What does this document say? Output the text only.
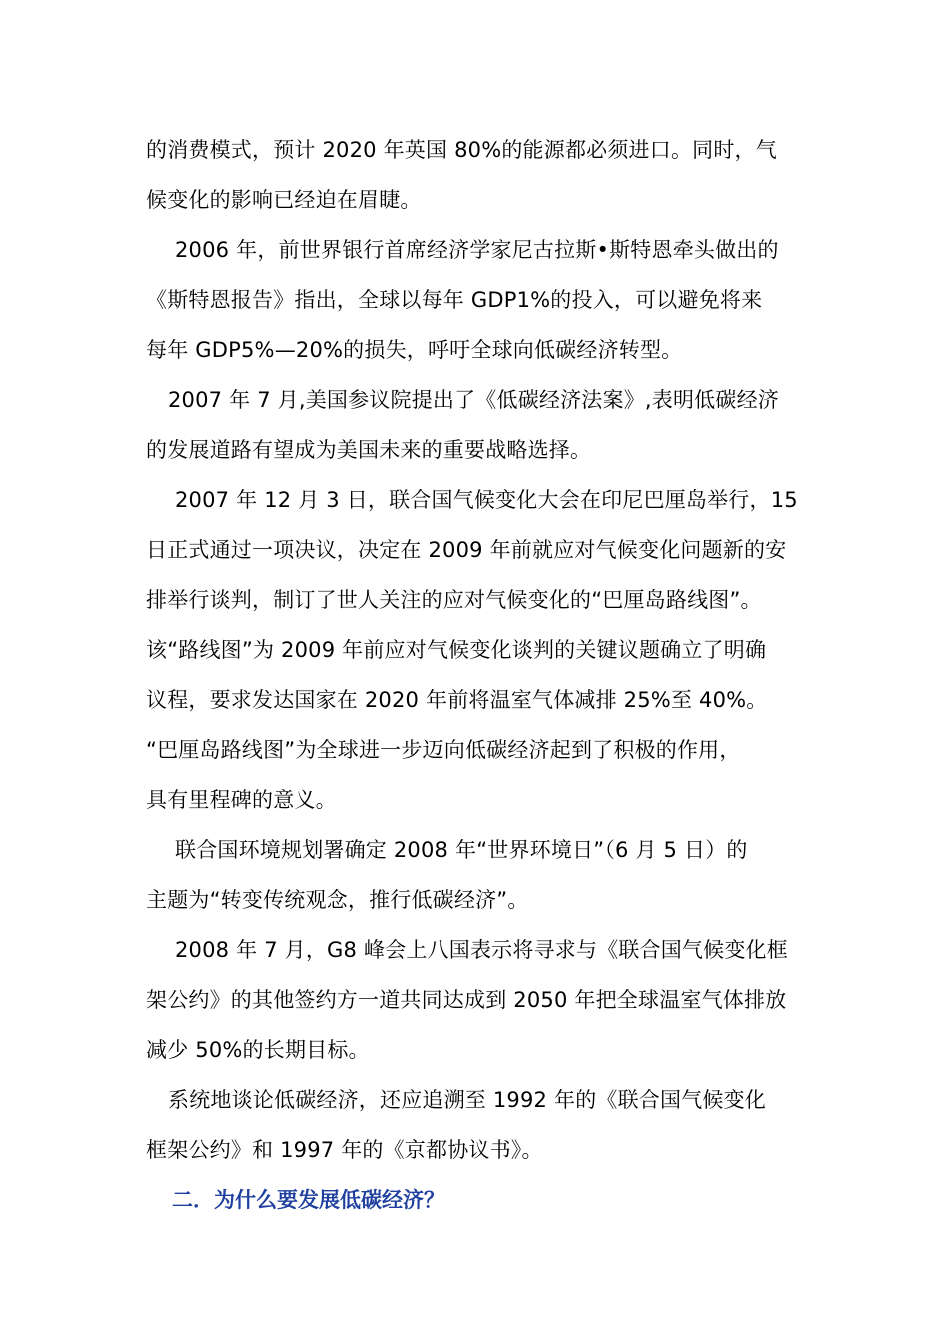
的消费模式，预计 2020 年英国 80%的能源都必须进口。同时，气
候变化的影响已经迫在眉睫。
2006 年，前世界银行首席经济学家尼古拉斯•斯特恩牵头做出的
《斯特恩报告》指出，全球以每年 GDP1%的投入，可以避免将来
每年 GDP5%—20%的损失，呼吁全球向低碳经济转型。
2007 年 7 月,美国参议院提出了《低碳经济法案》,表明低碳经济
的发展道路有望成为美国未来的重要战略选择。
2007 年 12 月 3 日，联合国气候变化大会在印尼巴厘岛举行，15
日正式通过一项决议，决定在 2009 年前就应对气候变化问题新的安
排举行谈判，制订了世人关注的应对气候变化的“巴厘岛路线图”。
该“路线图”为 2009 年前应对气候变化谈判的关键议题确立了明确
议程，要求发达国家在 2020 年前将温室气体减排 25%至 40%。
“巴厘岛路线图”为全球进一步迈向低碳经济起到了积极的作用，
具有里程碑的意义。
联合国环境规划署确定 2008 年“世界环境日”（6 月 5 日）的
主题为“转变传统观念，推行低碳经济”。
2008 年 7 月，G8 峰会上八国表示将寻求与《联合国气候变化框
架公约》的其他签约方一道共同达成到 2050 年把全球温室气体排放
减少 50%的长期目标。
系统地谈论低碳经济，还应追溯至 1992 年的《联合国气候变化
框架公约》和 1997 年的《京都协议书》。
二．为什么要发展低碳经济？
